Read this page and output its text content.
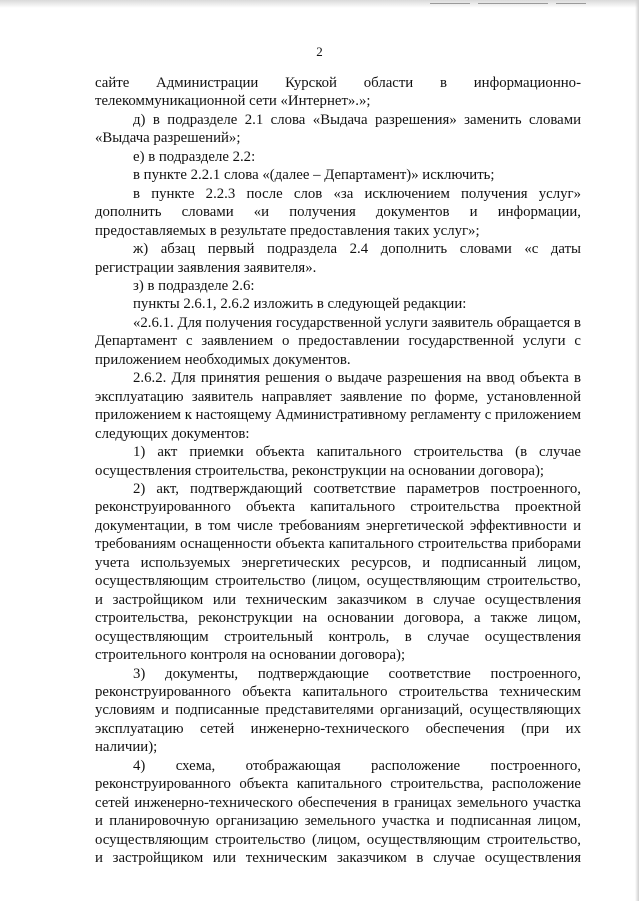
2

сайте Администрации Курской области в информационно-телекоммуникационной сети «Интернет».»;

д) в подразделе 2.1 слова «Выдача разрешения» заменить словами «Выдача разрешений»;

е) в подразделе 2.2:

в пункте 2.2.1 слова «(далее – Департамент)» исключить;

в пункте 2.2.3 после слов «за исключением получения услуг» дополнить словами «и получения документов и информации, предоставляемых в результате предоставления таких услуг»;

ж) абзац первый подраздела 2.4 дополнить словами «с даты регистрации заявления заявителя».

з) в подразделе 2.6:

пункты 2.6.1, 2.6.2 изложить в следующей редакции:

«2.6.1. Для получения государственной услуги заявитель обращается в Департамент с заявлением о предоставлении государственной услуги с приложением необходимых документов.

2.6.2. Для принятия решения о выдаче разрешения на ввод объекта в эксплуатацию заявитель направляет заявление по форме, установленной приложением к настоящему Административному регламенту с приложением следующих документов:

1) акт приемки объекта капитального строительства (в случае осуществления строительства, реконструкции на основании договора);

2) акт, подтверждающий соответствие параметров построенного, реконструированного объекта капитального строительства проектной документации, в том числе требованиям энергетической эффективности и требованиям оснащенности объекта капитального строительства приборами учета используемых энергетических ресурсов, и подписанный лицом, осуществляющим строительство (лицом, осуществляющим строительство, и застройщиком или техническим заказчиком в случае осуществления строительства, реконструкции на основании договора, а также лицом, осуществляющим строительный контроль, в случае осуществления строительного контроля на основании договора);

3) документы, подтверждающие соответствие построенного, реконструированного объекта капитального строительства техническим условиям и подписанные представителями организаций, осуществляющих эксплуатацию сетей инженерно-технического обеспечения (при их наличии);

4) схема, отображающая расположение построенного, реконструированного объекта капитального строительства, расположение сетей инженерно-технического обеспечения в границах земельного участка и планировочную организацию земельного участка и подписанная лицом, осуществляющим строительство (лицом, осуществляющим строительство, и застройщиком или техническим заказчиком в случае осуществления
